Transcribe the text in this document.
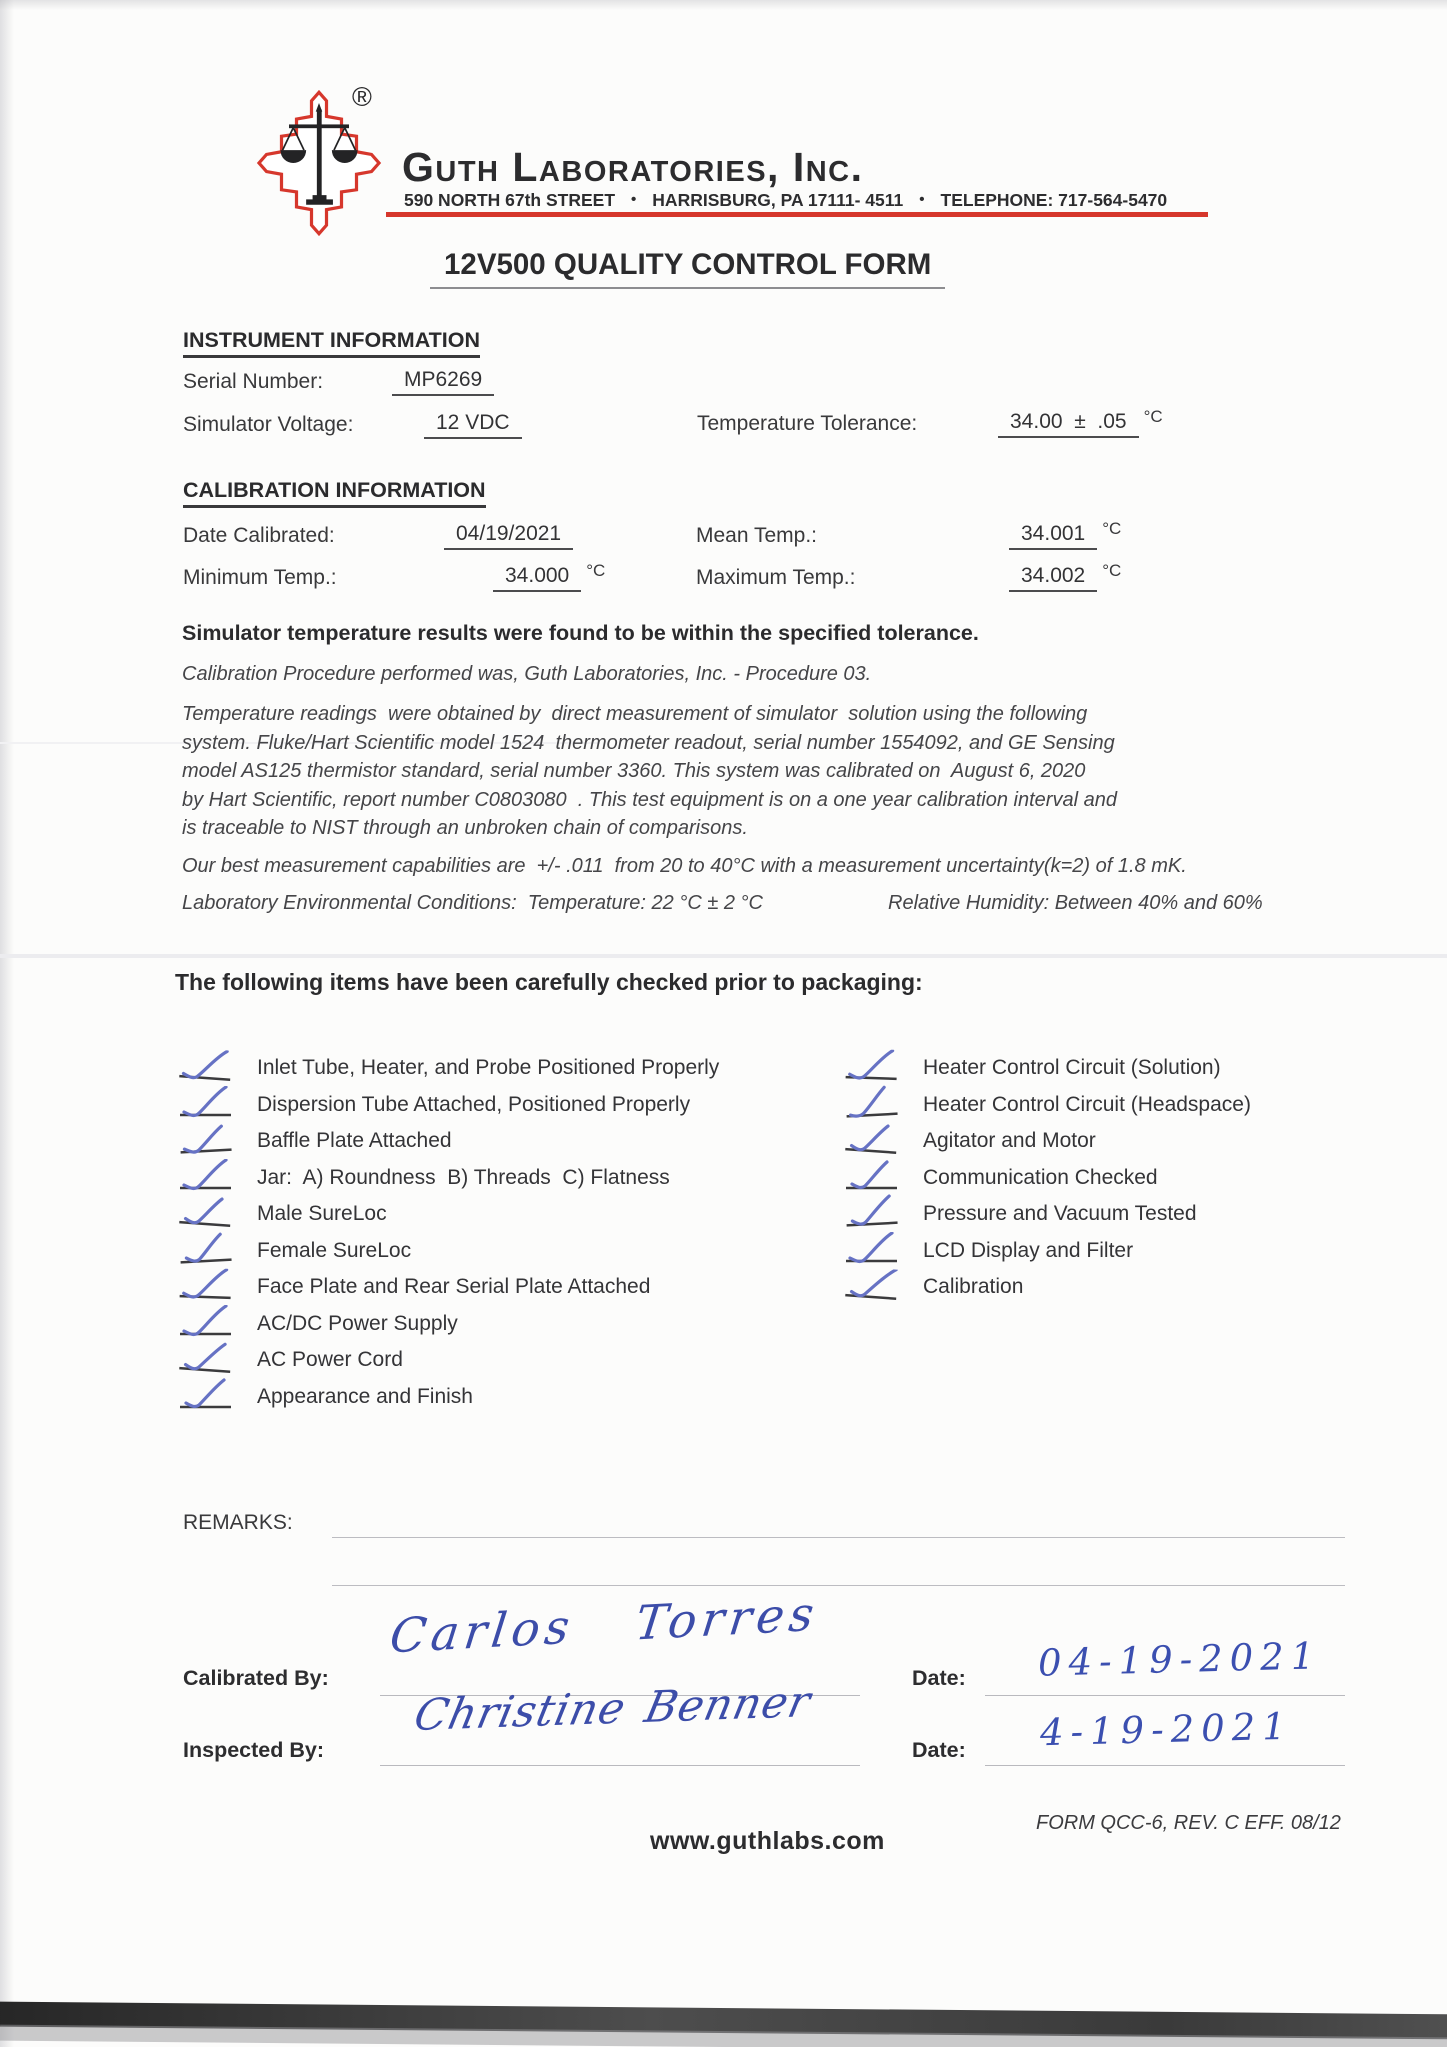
®
Guth Laboratories, Inc.
590 NORTH 67th STREET • HARRISBURG, PA 17111- 4511 • TELEPHONE: 717-564-5470
12V500 QUALITY CONTROL FORM
INSTRUMENT INFORMATION
Serial Number:	MP6269
Simulator Voltage:	12 VDC	Temperature Tolerance:	34.00  ±  .05	°C
CALIBRATION INFORMATION
Date Calibrated:	04/19/2021	Mean Temp.:	34.001	°C
Minimum Temp.:	34.000	°C	Maximum Temp.:	34.002	°C
Simulator temperature results were found to be within the specified tolerance.
Calibration Procedure performed was, Guth Laboratories, Inc. - Procedure 03.
Temperature readings  were obtained by  direct measurement of simulator  solution using the following  system. Fluke/Hart Scientific model 1524  thermometer readout, serial number 1554092, and GE Sensing model AS125 thermistor standard, serial number 3360. This system was calibrated on  August 6, 2020        by Hart Scientific, report number C0803080  . This test equipment is on a one year calibration interval and is traceable to NIST through an unbroken chain of comparisons.
Our best measurement capabilities are  +/- .011  from 20 to 40°C with a measurement uncertainty(k=2) of 1.8 mK.
Laboratory Environmental Conditions:  Temperature: 22 °C ± 2 °C	Relative Humidity: Between 40% and 60%
The following items have been carefully checked prior to packaging:
Inlet Tube, Heater, and Probe Positioned Properly
Dispersion Tube Attached, Positioned Properly
Baffle Plate Attached
Jar:  A) Roundness  B) Threads  C) Flatness
Male SureLoc
Female SureLoc
Face Plate and Rear Serial Plate Attached
AC/DC Power Supply
AC Power Cord
Appearance and Finish
Heater Control Circuit (Solution)
Heater Control Circuit (Headspace)
Agitator and Motor
Communication Checked
Pressure and Vacuum Tested
LCD Display and Filter
Calibration
REMARKS:
Carlos Torres
Calibrated By:	Date: 04-19-2021
Christine Benner
Inspected By:	Date: 4-19-2021
www.guthlabs.com
FORM QCC-6, REV. C EFF. 08/12
